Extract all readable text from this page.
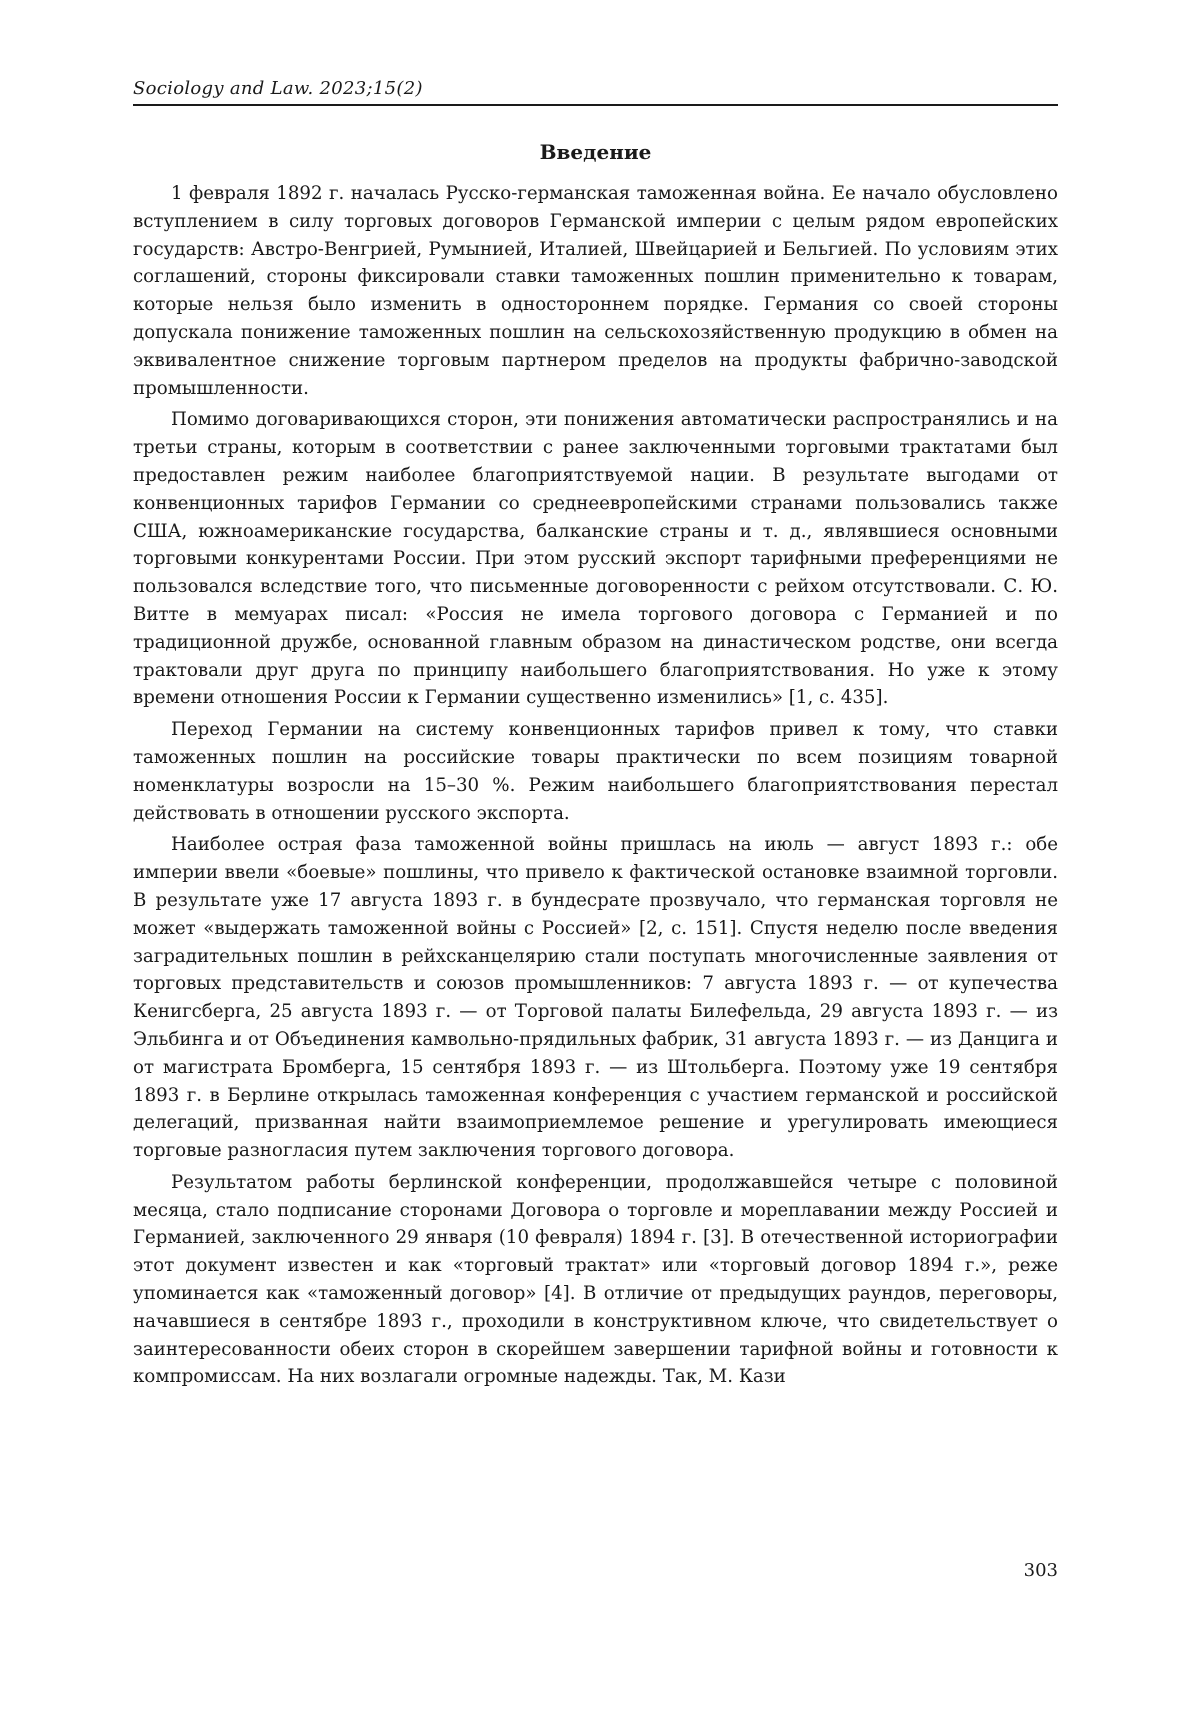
Sociology and Law. 2023;15(2)
Введение

1 февраля 1892 г. началась Русско-германская таможенная война. Ее начало обусловлено вступлением в силу торговых договоров Германской империи с целым рядом европейских государств: Австро-Венгрией, Румынией, Италией, Швейцарией и Бельгией. По условиям этих соглашений, стороны фиксировали ставки таможенных пошлин применительно к товарам, которые нельзя было изменить в одностороннем порядке. Германия со своей стороны допускала понижение таможенных пошлин на сельскохозяйственную продукцию в обмен на эквивалентное снижение торговым партнером пределов на продукты фабрично-заводской промышленности.

Помимо договаривающихся сторон, эти понижения автоматически распространялись и на третьи страны, которым в соответствии с ранее заключенными торговыми трактатами был предоставлен режим наиболее благоприятствуемой нации. В результате выгодами от конвенционных тарифов Германии со среднеевропейскими странами пользовались также США, южноамериканские государства, балканские страны и т. д., являвшиеся основными торговыми конкурентами России. При этом русский экспорт тарифными преференциями не пользовался вследствие того, что письменные договоренности с рейхом отсутствовали. С. Ю. Витте в мемуарах писал: «Россия не имела торгового договора с Германией и по традиционной дружбе, основанной главным образом на династическом родстве, они всегда трактовали друг друга по принципу наибольшего благоприятствования. Но уже к этому времени отношения России к Германии существенно изменились» [1, с. 435].

Переход Германии на систему конвенционных тарифов привел к тому, что ставки таможенных пошлин на российские товары практически по всем позициям товарной номенклатуры возросли на 15–30 %. Режим наибольшего благоприятствования перестал действовать в отношении русского экспорта.

Наиболее острая фаза таможенной войны пришлась на июль — август 1893 г.: обе империи ввели «боевые» пошлины, что привело к фактической остановке взаимной торговли. В результате уже 17 августа 1893 г. в бундесрате прозвучало, что германская торговля не может «выдержать таможенной войны с Россией» [2, с. 151]. Спустя неделю после введения заградительных пошлин в рейхсканцелярию стали поступать многочисленные заявления от торговых представительств и союзов промышленников: 7 августа 1893 г. — от купечества Кенигсберга, 25 августа 1893 г. — от Торговой палаты Билефельда, 29 августа 1893 г. — из Эльбинга и от Объединения камвольно-прядильных фабрик, 31 августа 1893 г. — из Данцига и от магистрата Бромберга, 15 сентября 1893 г. — из Штольберга. Поэтому уже 19 сентября 1893 г. в Берлине открылась таможенная конференция с участием германской и российской делегаций, призванная найти взаимоприемлемое решение и урегулировать имеющиеся торговые разногласия путем заключения торгового договора.

Результатом работы берлинской конференции, продолжавшейся четыре с половиной месяца, стало подписание сторонами Договора о торговле и мореплавании между Россией и Германией, заключенного 29 января (10 февраля) 1894 г. [3]. В отечественной историографии этот документ известен и как «торговый трактат» или «торговый договор 1894 г.», реже упоминается как «таможенный договор» [4]. В отличие от предыдущих раундов, переговоры, начавшиеся в сентябре 1893 г., проходили в конструктивном ключе, что свидетельствует о заинтересованности обеих сторон в скорейшем завершении тарифной войны и готовности к компромиссам. На них возлагали огромные надежды. Так, М. Кази

303
